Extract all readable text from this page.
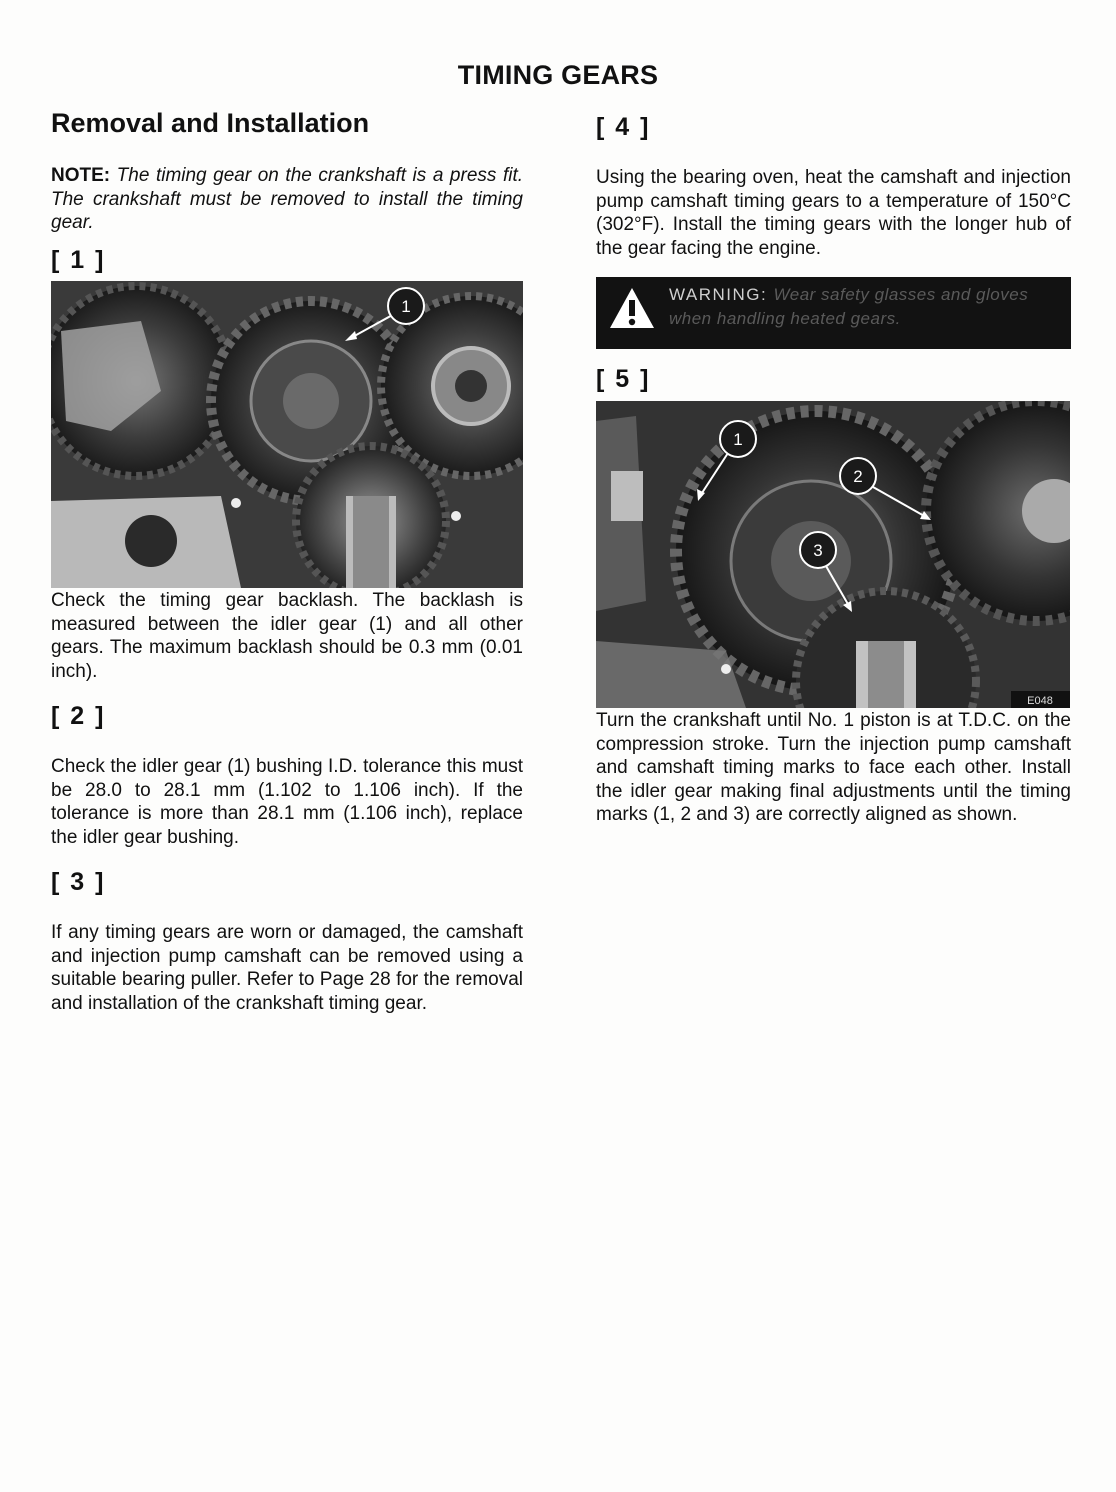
TIMING GEARS
Removal and Installation
NOTE: The timing gear on the crankshaft is a press fit. The crankshaft must be removed to install the timing gear.
[ 1 ]
1
Check the timing gear backlash. The backlash is measured between the idler gear (1) and all other gears. The maximum backlash should be 0.3 mm (0.01 inch).
[ 2 ]
Check the idler gear (1) bushing I.D. tolerance this must be 28.0 to 28.1 mm (1.102 to 1.106 inch). If the tolerance is more than 28.1 mm (1.106 inch), replace the idler gear bushing.
[ 3 ]
If any timing gears are worn or damaged, the camshaft and injection pump camshaft can be removed using a suitable bearing puller. Refer to Page 28 for the removal and installation of the crankshaft timing gear.
[ 4 ]
Using the bearing oven, heat the camshaft and injection pump camshaft timing gears to a temperature of 150°C (302°F). Install the timing gears with the longer hub of the gear facing the engine.
WARNING: Wear safety glasses and gloves when handling heated gears.
[ 5 ]
E048
1
2
3
Turn the crankshaft until No. 1 piston is at T.D.C. on the compression stroke. Turn the injection pump camshaft and camshaft timing marks to face each other. Install the idler gear making final adjustments until the timing marks (1, 2 and 3) are correctly aligned as shown.
